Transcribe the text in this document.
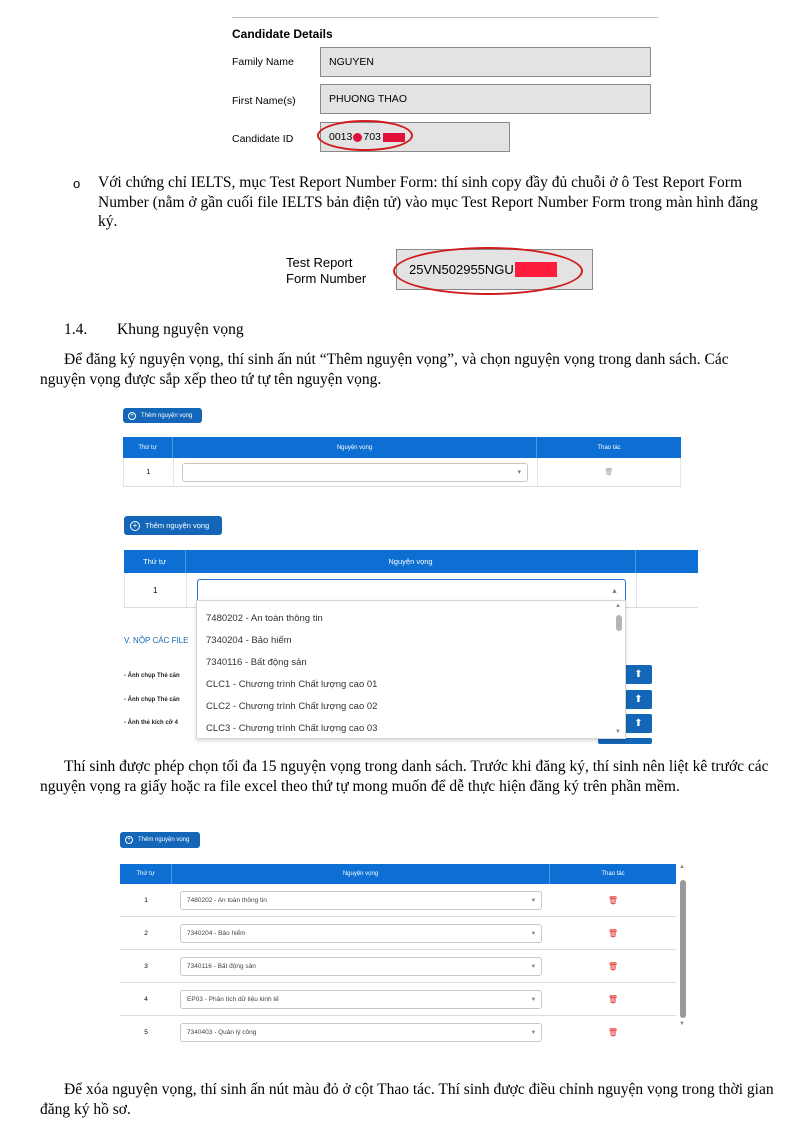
Candidate Details
Family Name	NGUYEN
First Name(s)	PHUONG THAO
Candidate ID	0013 703
o Với chứng chỉ IELTS, mục Test Report Number Form: thí sinh copy đầy đủ chuỗi ở ô Test Report Form Number (nằm ở gần cuối file IELTS bản điện tử) vào mục Test Report Number Form trong màn hình đăng ký.
Test Report
Form Number
25VN502955NGU
1.4. Khung nguyện vọng
Để đăng ký nguyện vọng, thí sinh ấn nút “Thêm nguyện vọng”, và chọn nguyện vọng trong danh sách. Các nguyện vọng được sắp xếp theo tứ tự tên nguyện vọng.
+	Thêm nguyện vọng
Thứ tự	Nguyện vọng	Thao tác
1	▾	🗑
+	Thêm nguyện vọng
Thứ tự	Nguyện vọng
1	▴
V. NỘP CÁC FILE
- Ảnh chụp Thẻ căn
- Ảnh chụp Thẻ căn
- Ảnh thẻ kích cỡ 4
⬆
⬆
⬆
7480202 - An toàn thông tin
7340204 - Bảo hiểm
7340116 - Bất động sản
CLC1 - Chương trình Chất lượng cao 01
CLC2 - Chương trình Chất lượng cao 02
CLC3 - Chương trình Chất lượng cao 03
▲
▼
Thí sinh được phép chọn tối đa 15 nguyện vọng trong danh sách. Trước khi đăng ký, thí sinh nên liệt kê trước các nguyện vọng ra giấy hoặc ra file excel theo thứ tự mong muốn để dễ thực hiện đăng ký trên phần mềm.
+	Thêm nguyện vọng
Thứ tự	Nguyện vọng	Thao tác
1	7480202 - An toàn thông tin	▾	🗑
2	7340204 - Bảo hiểm	▾	🗑
3	7340116 - Bất động sản	▾	🗑
4	EP03 - Phân tích dữ liệu kinh tế	▾	🗑
5	7340403 - Quản lý công	▾	🗑
▲
▼
Để xóa nguyện vọng, thí sinh ấn nút màu đỏ ở cột Thao tác. Thí sinh được điều chỉnh nguyện vọng trong thời gian đăng ký hồ sơ.
